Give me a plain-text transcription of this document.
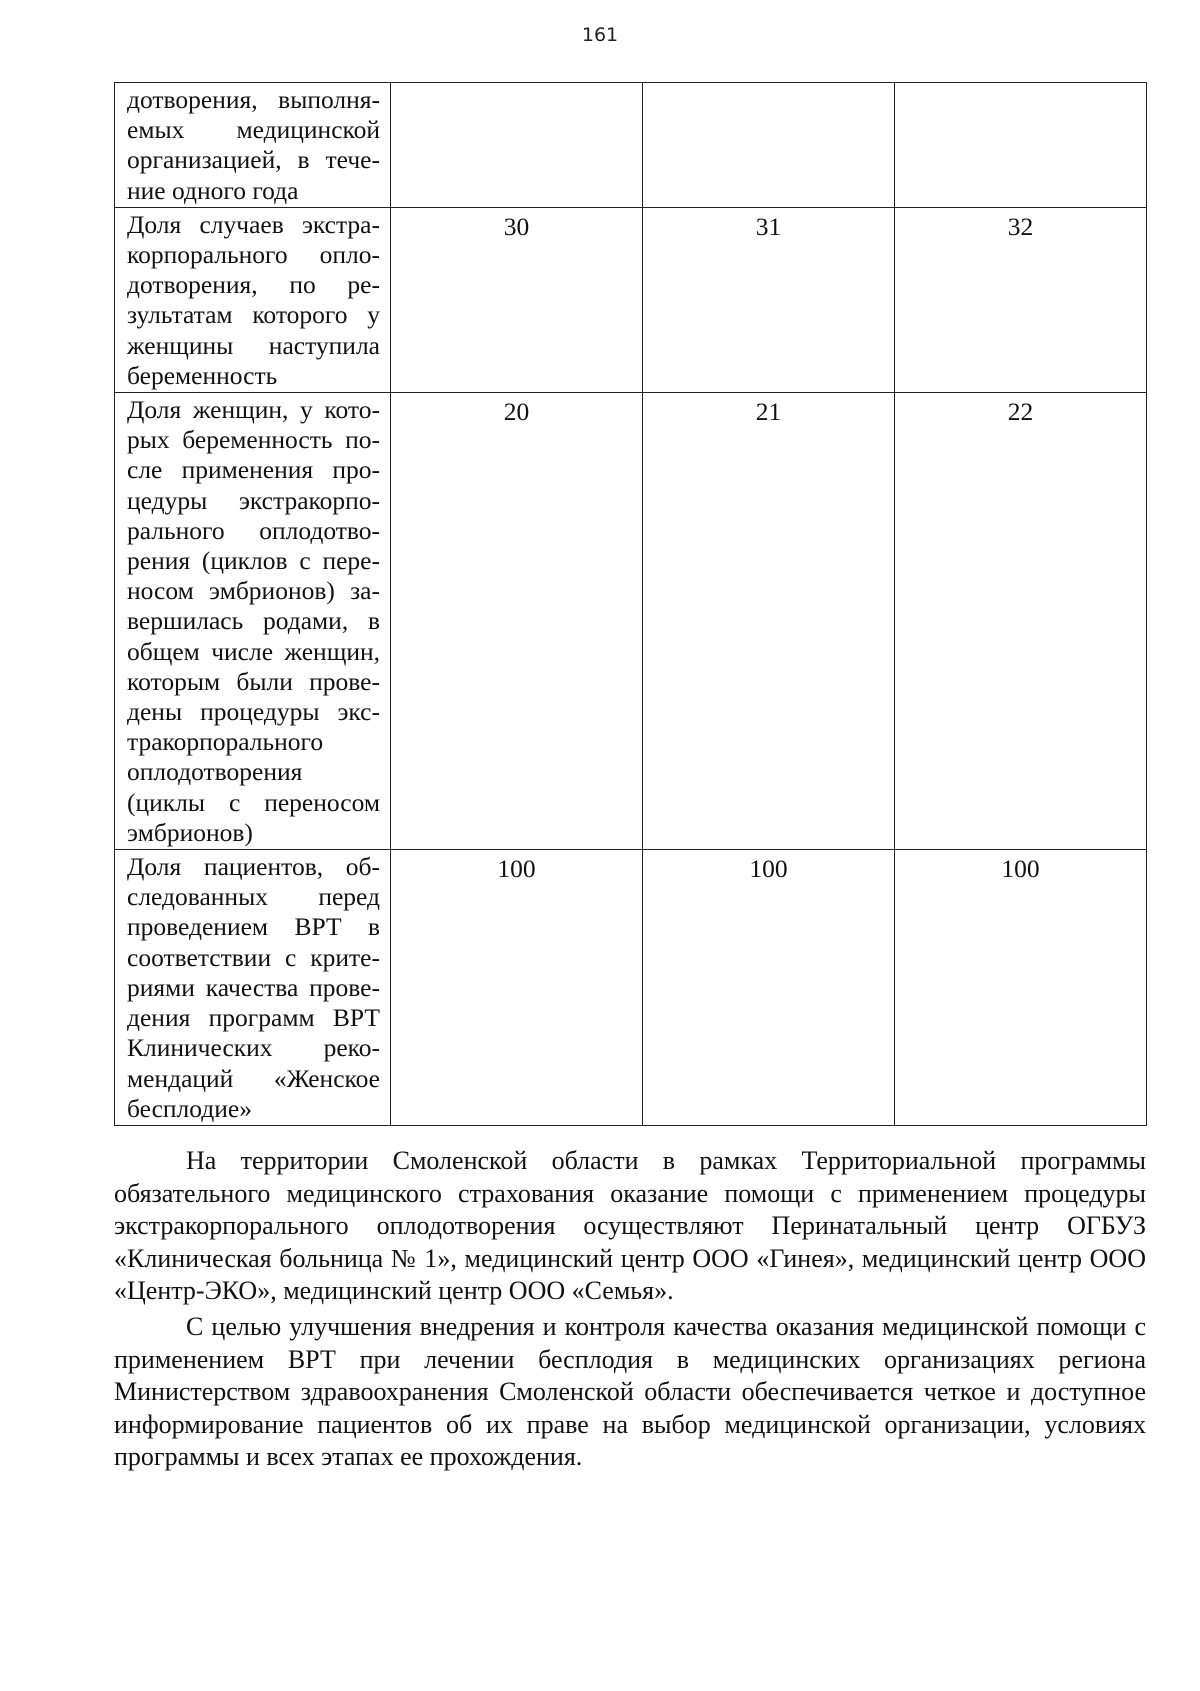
161
дотворения, выполняемых медицинской организацией, в течение одного года			
Доля случаев экстракорпорального оплодотворения, по результатам которого у женщины наступила беременность	30	31	32
Доля женщин, у которых беременность после применения процедуры экстракорпорального оплодотворения (циклов с переносом эмбрионов) завершилась родами, в общем числе женщин, которым были проведены процедуры экстракорпорального оплодотворения (циклы с переносом эмбрионов)	20	21	22
Доля пациентов, обследованных перед проведением ВРТ в соответствии с критериями качества проведения программ ВРТ Клинических рекомендаций «Женское бесплодие»	100	100	100

На территории Смоленской области в рамках Территориальной программы обязательного медицинского страхования оказание помощи с применением процедуры экстракорпорального оплодотворения осуществляют Перинатальный центр ОГБУЗ «Клиническая больница № 1», медицинский центр ООО «Гинея», медицинский центр ООО «Центр-ЭКО», медицинский центр ООО «Семья».

С целью улучшения внедрения и контроля качества оказания медицинской помощи с применением ВРТ при лечении бесплодия в медицинских организациях региона Министерством здравоохранения Смоленской области обеспечивается четкое и доступное информирование пациентов об их праве на выбор медицинской организации, условиях программы и всех этапах ее прохождения.
